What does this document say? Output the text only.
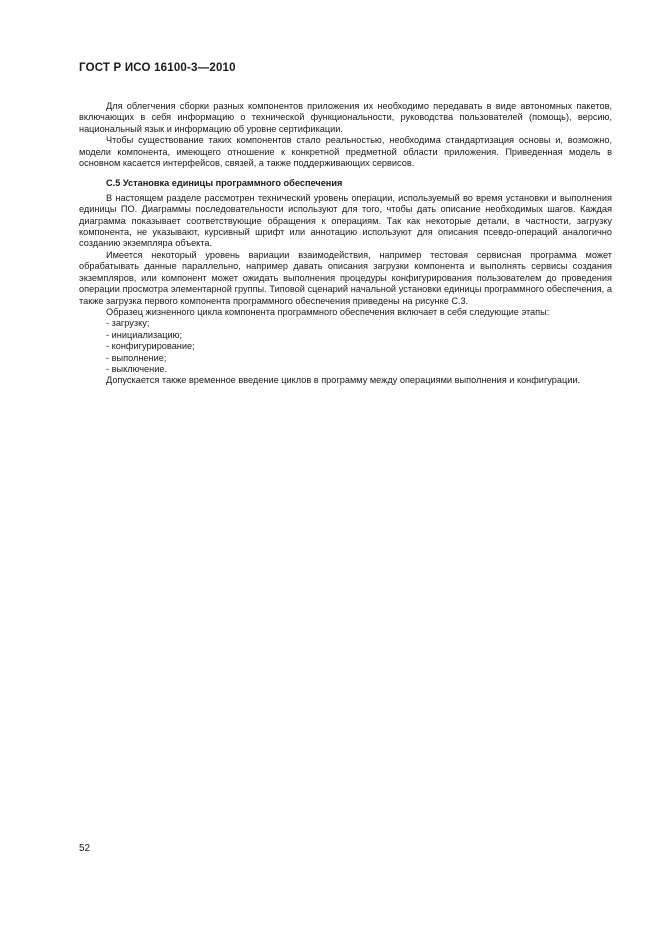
ГОСТ Р ИСО 16100-3—2010

Для облегчения сборки разных компонентов приложения их необходимо передавать в виде автономных пакетов, включающих в себя информацию о технической функциональности, руководства пользователей (помощь), версию, национальный язык и информацию об уровне сертификации.

Чтобы существование таких компонентов стало реальностью, необходима стандартизация основы и, возможно, модели компонента, имеющего отношение к конкретной предметной области приложения. Приведенная модель в основном касается интерфейсов, связей, а также поддерживающих сервисов.

С.5 Установка единицы программного обеспечения

В настоящем разделе рассмотрен технический уровень операции, используемый во время установки и выполнения единицы ПО. Диаграммы последовательности используют для того, чтобы дать описание необходимых шагов. Каждая диаграмма показывает соответствующие обращения к операциям. Так как некоторые детали, в частности, загрузку компонента, не указывают, курсивный шрифт или аннотацию используют для описания псевдо-операций аналогично созданию экземпляра объекта.

Имеется некоторый уровень вариации взаимодействия, например тестовая сервисная программа может обрабатывать данные параллельно, например давать описания загрузки компонента и выполнять сервисы создания экземпляров, или компонент может ожидать выполнения процедуры конфигурирования пользователем до проведения операции просмотра элементарной группы. Типовой сценарий начальной установки единицы программного обеспечения, а также загрузка первого компонента программного обеспечения приведены на рисунке С.3.

Образец жизненного цикла компонента программного обеспечения включает в себя следующие этапы:

- загрузку;
- инициализацию;
- конфигурирование;
- выполнение;
- выключение.

Допускается также временное введение циклов в программу между операциями выполнения и конфигурации.

52
